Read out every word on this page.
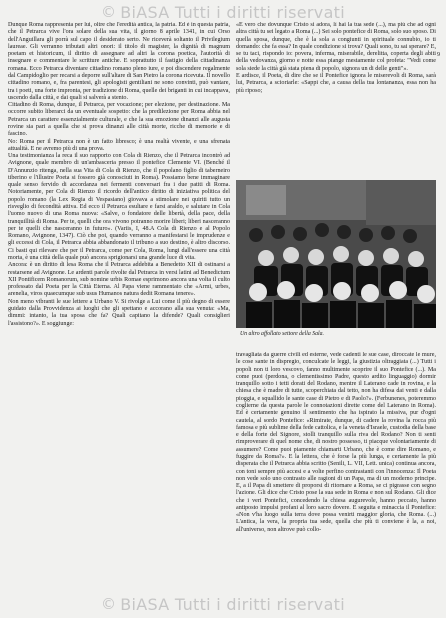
© BiASA Tutti i diritti riservati

Dunque Roma rappresenta per lui, oltre che l'eredità antica, la patria. Ed è in questa patria, che il Petrarca vive l'ora solare della sua vita, il giorno 8 aprile 1341, in cui Orso dell'Anguillara gli porrà sul capo il desiderato serto. Ne riceverà soltanto il Privilegium laureae. Gli verranno tributati altri onori: il titolo di magister, la dignità di magnum poetam et historicum, il diritto di assegnare ad altri la corona poetica, l'autorità di insegnare e commentare le scritture antiche. E soprattutto il fastigio della cittadinanza romana. Ecco Petrarca diventare cittadino romano pleno iure, e poi discendere regalmente dal Campidoglio per recarsi a deporre sull'altare di San Pietro la corona ricevuta. Il novello cittadino romano, e, fra parentesi, gli apologisti gentiliani ne sono convinti, può vantare, tra i poeti, una forte impronta, per tradizione di Roma, quelle dei briganti in cui incappava, uscendo dalla città, e dai quali si salverà a stento.

Cittadino di Roma, dunque, il Petrarca, per vocazione; per elezione, per destinazione. Ma occorre subito liberarci da un eventuale sospetto: che la predilezione per Roma abbia nel Petrarca un carattere essenzialmente culturale, e che la sua emozione dinanzi alle augusta rovine sia pari a quella che si prova dinanzi alle città morte, ricche di memorie e di fascino.

No: Roma per il Petrarca non è un fatto libresco; è una realtà vivente, e una sfrenata attualità. E ne avremo più di una prova.

Una testimonianza la reca il suo rapporto con Cola di Rienzo, che il Petrarca incontrò ad Avignone, quale membro di un'ambasceria presso il pontefice Clemente VI. (Benché il D'Annunzio ritenga, nella sua Vita di Cola di Rienzo, che il popolano figlio di taberneiro tiberino e l'illustre Poeta si fossero già conosciuti in Roma). Possiamo bene immaginare quale senso fervido di accordanza nei fermenti conversari fra i due patiti di Roma. Notoriamente, per Cola di Rienzo il ricordo dell'antico diritto di iniziativa politica del popolo romano (la Lex Regia di Vespasiano) giovava a stimolare nei quiriti tutto un risveglio di fecondità attiva. Ed ecco il Petrarca esultare e farsi araldo, e salutare in Cola l'uomo nuovo di una Roma nuova: «Salve, o fondatore delle libertà, della pace, della tranquillità di Roma. Per te, quelli che ora vivono potranno morire liberi; liberi nasceranno per te quelli che nasceranno in futuro». (Variis, I, 48.A Cola di Rienzo e al Popolo Romano, Avignone, 1347). Ciò che poi, quando verranno a manifestarsi le imprudenze e gli eccessi di Cola, il Petrarca abbia abbandonato il tribuno a suo destino, è altro discorso. Ci basti qui rilevare che per il Petrarca, come per Cola, Roma, lungi dall'essere una città morta, è una città della quale può ancora sprigionarsi una grande luce di vita.

Ancora: è un diritto di lesa Roma che il Petrarca addebita a Benedetto XII di ostinarsi a restarsene ad Avignone. Le ardenti parole rivolte dal Petrarca in versi latini ad Benedictum XII Pontificem Romanorum, sub nomine urbis Romae esprimono ancora una volta il culto professato dal Poeta per la Città Eterna. Al Papa viene rammentato che «Armi, urbes, arenelia, viros quaecumque sub usus Humanos natura dedit Romana tenere».

Non meno vibranti le sue lettere a Urbano V. Si rivolge a Lui come il più degno di essere guidato dalla Provvidenza ai luoghi che gli spettano e accorano alla sua venuta: «Ma, dimmi: intanto, la tua sposa che fa? Quali capitano la difende? Quali consiglieri l'assistono?». E soggiunge:

«E vero che dovunque Cristo si adora, lì hai la tua sede (...), ma più che ad ogni altra città tu sei legato a Roma (...) Sei solo pontefice di Roma, solo suo sposo. Di quella sposa, dunque, che è la sola a congiunti in spirituale connubio, io ti domando: che fa essa? In quale condizione si trova? Quali sono, tu sai sperare? E, se tu taci, rispondo io: povera, inferma, miserabile, derelitta, coperta degli abiti della vedovanza, giorno e notte essa piange mestamente col profeta: "Vedi come sola siede la città già stata piena di popolo, signora un di delle genti"».

E ardisce, il Poeta, di dire che se il Pontefice ignora le miserevoli di Roma, sarà lui, Petrarca, a scioriarle: «Sappi che, a causa della tua lontananza, essa non ha più riposo;

9
Un altro affollato settore della Sala.

travagliata da guerre civili ed esterne, vede cadenti le sue case, diroccate le mure, le cose sante in dispregio, conculcate le leggi, la giustizia oltraggiata (...) Tutti i popoli non ti loro vescovo, fanno multimente scoprire il suo Pontefice (...). Ma come puoi (perdona, o clementissimo Padre, questo ardito linguaggio) dormir tranquillo sotto i tetti dorati del Rodano, mentre il Laterano cade in rovina, e la chiesa che è madre di tutte, scoperchiata dal tetto, non ha difesa dai venti e dalla pioggia, e squallido le sante case di Pietro e di Paolo?». (Ferbunenes, poteremmo coglierne da questa parole le connotazioni dirette come del Laterano in Roma). Ed è certamente genuino il sentimento che ha ispirato la missiva, pur d'ogni cautela, al sordo Pontefice: «Rimirate, dunque, di cadere la rovina la rocca più famosa e più sublime della fede cattolica, e la veneta d'Israele, custodia della base e della forte del Signore, stolli tranquillo sulla riva del Rodano? Non ti senti rimproverare di quel nome che, di nostro possesso, ti piacque volontariamente di assumere? Come puoi piamente chiamarti Urbano, che è come dire Romano, e fuggire da Roma?». E la lettera, che è forse la più lunga, e certamente la più disperata che il Petrarca abbia scritto (Senili, L. VII, Lett. unica) continua ancora, con toni sempre più accesi e a volte perfino contrastanti con l'innocenza: Il Poeta non vede solo uno contrasto alle ragioni di un Papa, ma di un moderno principe. E, a il Papa di smettere di proporsi di ritornare a Roma, se ci pigrasse con segno l'azione. Gli dice che Cristo pose la sua sede in Roma e non sul Rodano. Gli dice che i veri Pontefici, concedendo la chiesa augurevole, hanno peccato, hanno antiposto impulsi profani al loro sacro dovere. E seguita e minaccia il Pontefice: «Non v'ha luogo sulla terra dove possa venirti maggior gloria, che Roma. (...) L'antica, la vera, la propria tua sede, quella che più ti conviene è la, a noi, all'universo, non altrove può collo-

© BiASA Tutti i diritti riservati
